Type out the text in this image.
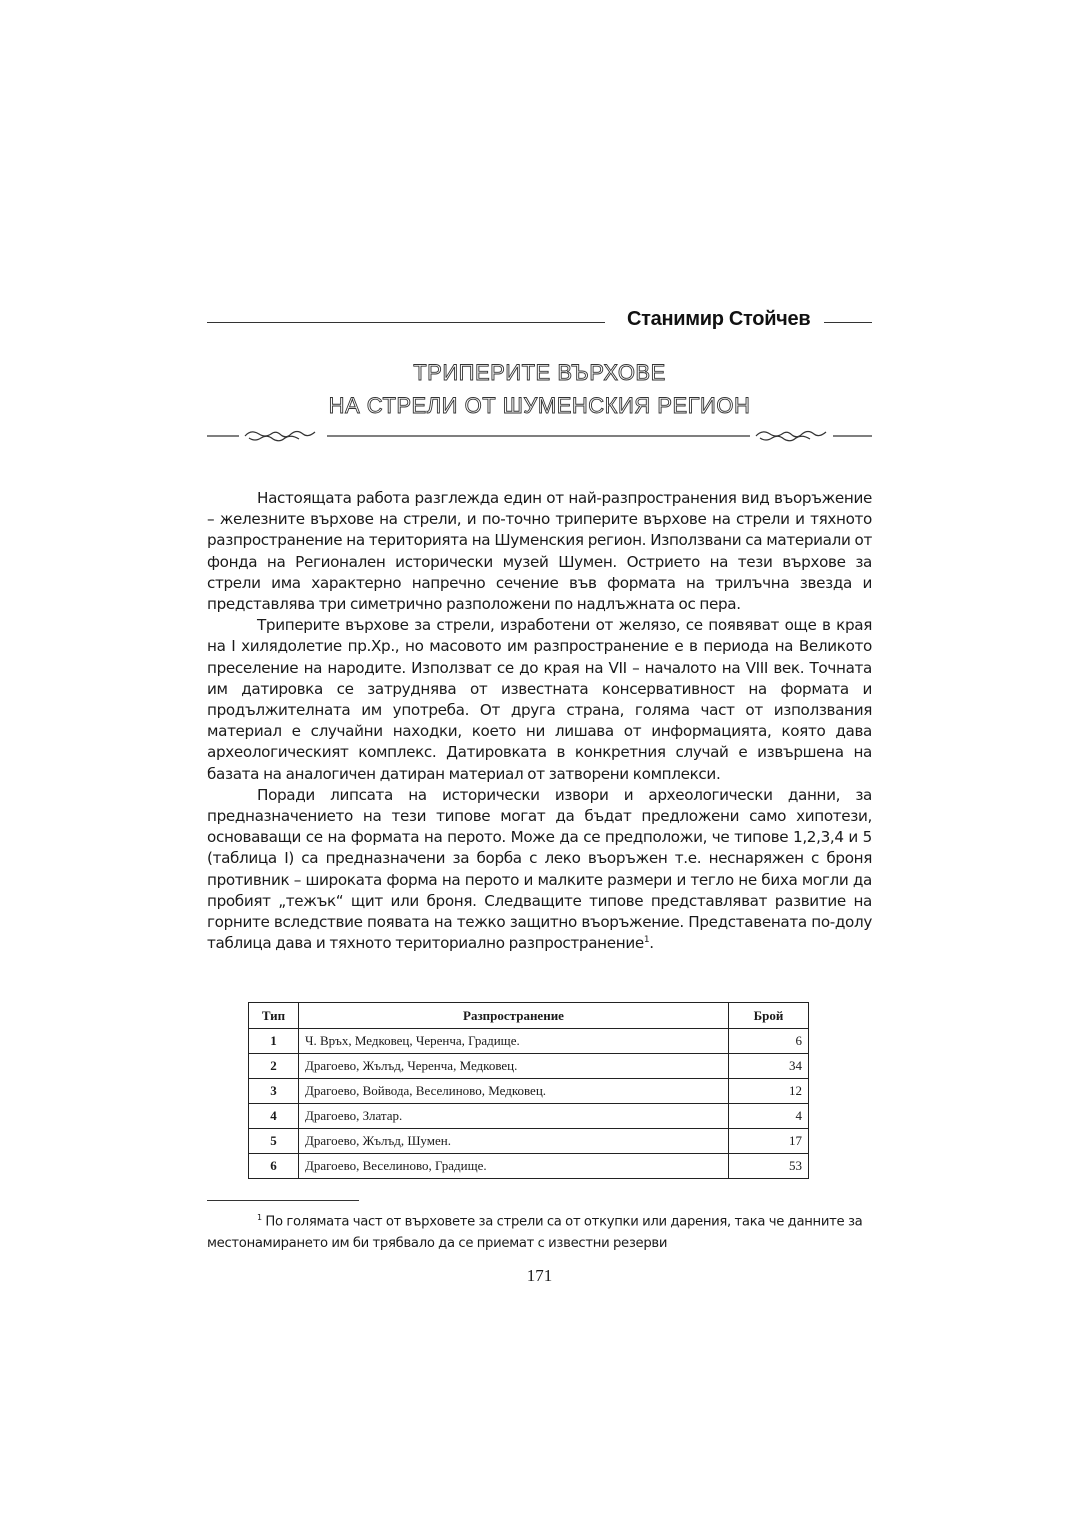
Станимир Стойчев
ТРИПЕРИТЕ ВЪРХОВЕ
НА СТРЕЛИ ОТ ШУМЕНСКИЯ РЕГИОН

Настоящата работа разглежда един от най-разпространения вид въоръжение – железните върхове на стрели, и по-точно триперите върхове на стрели и тяхното разпространение на територията на Шуменския регион. Използвани са материали от фонда на Регионален исторически музей Шумен. Острието на тези върхове за стрели има характерно напречно сечение във формата на трилъчна звезда и представлява три симетрично разположени по надлъжната ос пера.

Триперите върхове за стрели, изработени от желязо, се появяват още в края на I хилядолетие пр.Хр., но масовото им разпространение е в периода на Великото преселение на народите. Използват се до края на VII – началото на VIII век. Точната им датировка се затруднява от известната консервативност на формата и продължителната им употреба. От друга страна, голяма част от използвания материал е случайни находки, което ни лишава от информацията, която дава археологическият комплекс. Датировката в конкретния случай е извършена на базата на аналогичен датиран материал от затворени комплекси.

Поради липсата на исторически извори и археологически данни, за предназначението на тези типове могат да бъдат предложени само хипотези, основаващи се на формата на перото. Може да се предположи, че типове 1,2,3,4 и 5 (таблица I) са предназначени за борба с леко въоръжен т.е. неснаряжен с броня противник – широката форма на перото и малките размери и тегло не биха могли да пробият „тежък“ щит или броня. Следващите типове представляват развитие на горните вследствие появата на тежко защитно въоръжение. Представената по-долу таблица дава и тяхното териториално разпространение$^1$.

Тип	Разпространение	Брой
1	Ч. Връх, Медковец, Черенча, Градище.	6
2	Драгоево, Жълъд, Черенча, Медковец.	34
3	Драгоево, Войвода, Веселиново, Медковец.	12
4	Драгоево, Златар.	4
5	Драгоево, Жълъд, Шумен.	17
6	Драгоево, Веселиново, Градище.	53

$^1$ По голямата част от върховете за стрели са от откупки или дарения, така че данните за местонамирането им би трябвало да се приемат с известни резерви

171
